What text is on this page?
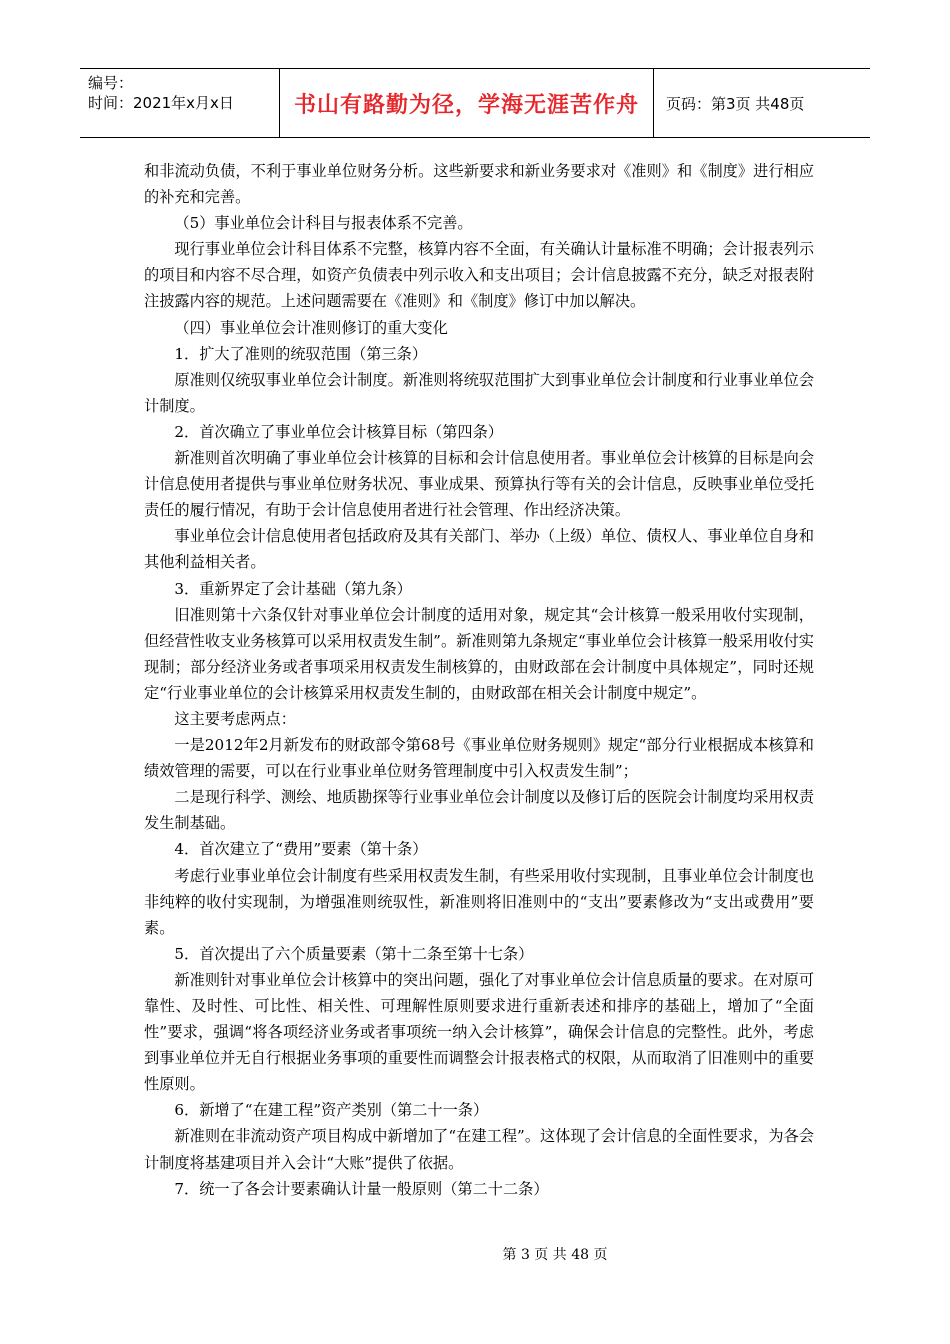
编号：
时间：2021年x月x日	书山有路勤为径，学海无涯苦作舟	页码：第3页 共48页

和非流动负债，不利于事业单位财务分析。这些新要求和新业务要求对《准则》和《制度》进行相应的补充和完善。

（5）事业单位会计科目与报表体系不完善。

现行事业单位会计科目体系不完整，核算内容不全面，有关确认计量标准不明确；会计报表列示的项目和内容不尽合理，如资产负债表中列示收入和支出项目；会计信息披露不充分，缺乏对报表附注披露内容的规范。上述问题需要在《准则》和《制度》修订中加以解决。

（四）事业单位会计准则修订的重大变化

1．扩大了准则的统驭范围（第三条）

原准则仅统驭事业单位会计制度。新准则将统驭范围扩大到事业单位会计制度和行业事业单位会计制度。

2．首次确立了事业单位会计核算目标（第四条）

新准则首次明确了事业单位会计核算的目标和会计信息使用者。事业单位会计核算的目标是向会计信息使用者提供与事业单位财务状况、事业成果、预算执行等有关的会计信息，反映事业单位受托责任的履行情况，有助于会计信息使用者进行社会管理、作出经济决策。

事业单位会计信息使用者包括政府及其有关部门、举办（上级）单位、债权人、事业单位自身和其他利益相关者。

3．重新界定了会计基础（第九条）

旧准则第十六条仅针对事业单位会计制度的适用对象，规定其“会计核算一般采用收付实现制，但经营性收支业务核算可以采用权责发生制”。新准则第九条规定“事业单位会计核算一般采用收付实现制；部分经济业务或者事项采用权责发生制核算的，由财政部在会计制度中具体规定”，同时还规定“行业事业单位的会计核算采用权责发生制的，由财政部在相关会计制度中规定”。

这主要考虑两点：

一是2012年2月新发布的财政部令第68号《事业单位财务规则》规定“部分行业根据成本核算和绩效管理的需要，可以在行业事业单位财务管理制度中引入权责发生制”；

二是现行科学、测绘、地质勘探等行业事业单位会计制度以及修订后的医院会计制度均采用权责发生制基础。

4．首次建立了“费用”要素（第十条）

考虑行业事业单位会计制度有些采用权责发生制，有些采用收付实现制，且事业单位会计制度也非纯粹的收付实现制，为增强准则统驭性，新准则将旧准则中的“支出”要素修改为“支出或费用”要素。

5．首次提出了六个质量要素（第十二条至第十七条）

新准则针对事业单位会计核算中的突出问题，强化了对事业单位会计信息质量的要求。在对原可靠性、及时性、可比性、相关性、可理解性原则要求进行重新表述和排序的基础上，增加了“全面性”要求，强调“将各项经济业务或者事项统一纳入会计核算”，确保会计信息的完整性。此外，考虑到事业单位并无自行根据业务事项的重要性而调整会计报表格式的权限，从而取消了旧准则中的重要性原则。

6．新增了“在建工程”资产类别（第二十一条）

新准则在非流动资产项目构成中新增加了“在建工程”。这体现了会计信息的全面性要求，为各会计制度将基建项目并入会计“大账”提供了依据。

7．统一了各会计要素确认计量一般原则（第二十二条）

第 3 页 共 48 页
